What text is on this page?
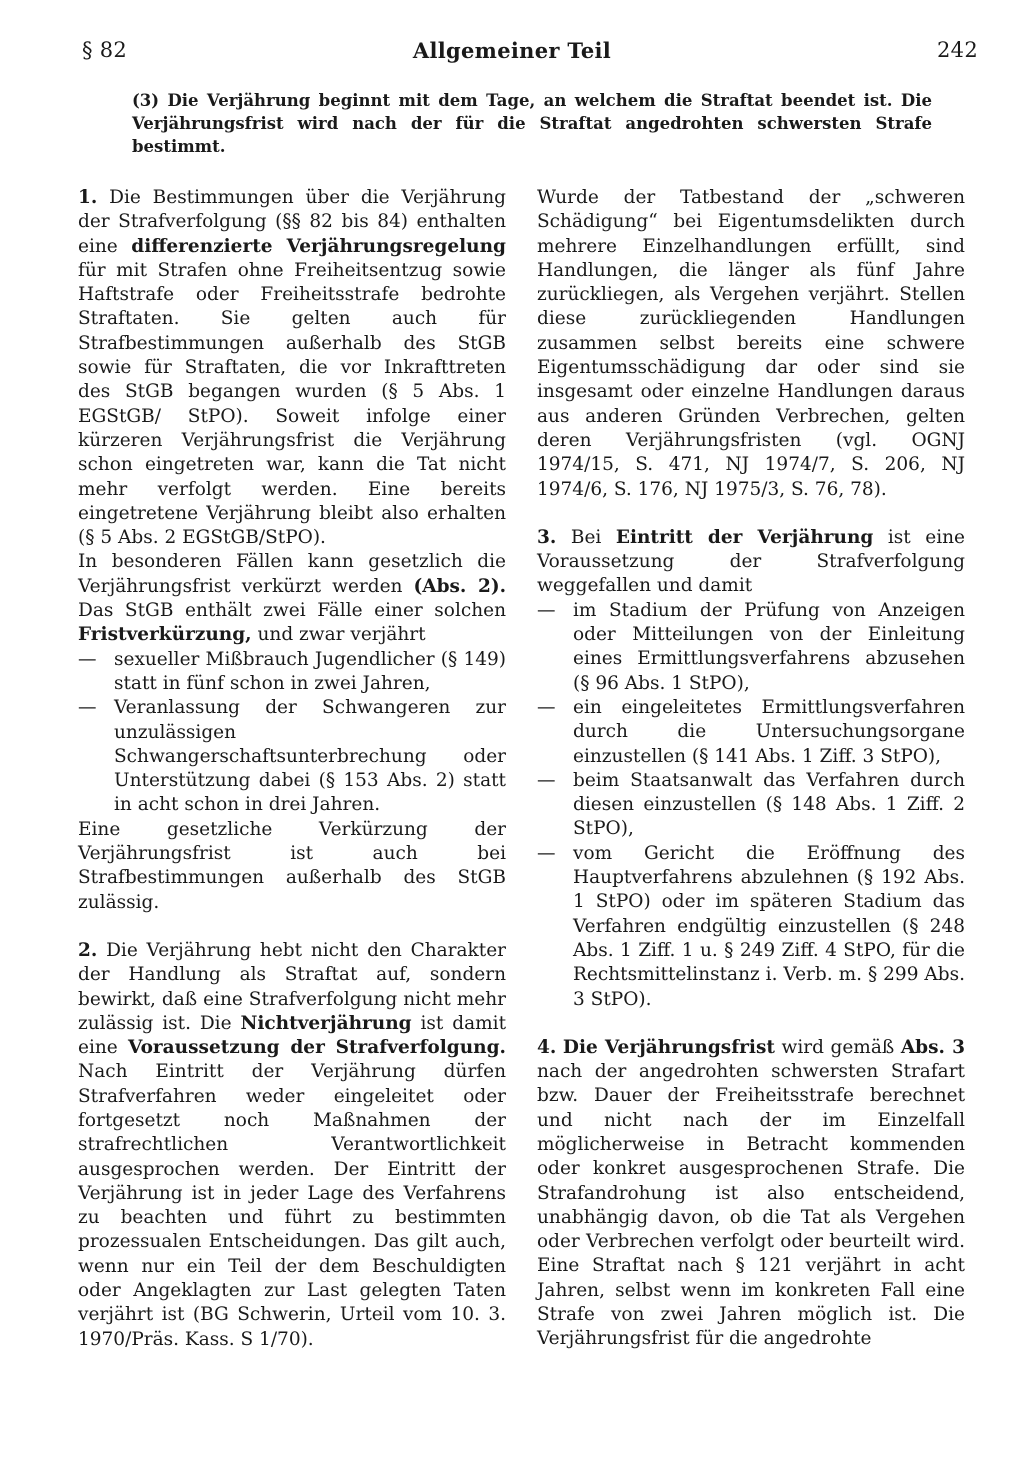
§ 82	Allgemeiner Teil	242
(3) Die Verjährung beginnt mit dem Tage, an welchem die Straftat beendet ist. Die Verjährungsfrist wird nach der für die Straftat angedrohten schwersten Strafe bestimmt.

1. Die Bestimmungen über die Verjährung der Strafverfolgung (§§ 82 bis 84) enthalten eine differenzierte Verjährungsregelung für mit Strafen ohne Freiheitsentzug sowie Haftstrafe oder Freiheitsstrafe bedrohte Straftaten. Sie gelten auch für Strafbestimmungen außerhalb des StGB sowie für Straftaten, die vor Inkrafttreten des StGB begangen wurden (§ 5 Abs. 1 EGStGB/ StPO). Soweit infolge einer kürzeren Verjährungsfrist die Verjährung schon eingetreten war, kann die Tat nicht mehr verfolgt werden. Eine bereits eingetretene Verjährung bleibt also erhalten (§ 5 Abs. 2 EGStGB/StPO).

In besonderen Fällen kann gesetzlich die Verjährungsfrist verkürzt werden (Abs. 2). Das StGB enthält zwei Fälle einer solchen Fristverkürzung, und zwar verjährt

— sexueller Mißbrauch Jugendlicher (§ 149) statt in fünf schon in zwei Jahren,
— Veranlassung der Schwangeren zur unzulässigen Schwangerschaftsunterbrechung oder Unterstützung dabei (§ 153 Abs. 2) statt in acht schon in drei Jahren.

Eine gesetzliche Verkürzung der Verjährungsfrist ist auch bei Strafbestimmungen außerhalb des StGB zulässig.

2. Die Verjährung hebt nicht den Charakter der Handlung als Straftat auf, sondern bewirkt, daß eine Strafverfolgung nicht mehr zulässig ist. Die Nichtverjährung ist damit eine Voraussetzung der Strafverfolgung. Nach Eintritt der Verjährung dürfen Strafverfahren weder eingeleitet oder fortgesetzt noch Maßnahmen der strafrechtlichen Verantwortlichkeit ausgesprochen werden. Der Eintritt der Verjährung ist in jeder Lage des Verfahrens zu beachten und führt zu bestimmten prozessualen Entscheidungen. Das gilt auch, wenn nur ein Teil der dem Beschuldigten oder Angeklagten zur Last gelegten Taten verjährt ist (BG Schwerin, Urteil vom 10. 3. 1970/Präs. Kass. S 1/70).

Wurde der Tatbestand der „schweren Schädigung“ bei Eigentumsdelikten durch mehrere Einzelhandlungen erfüllt, sind Handlungen, die länger als fünf Jahre zurückliegen, als Vergehen verjährt. Stellen diese zurückliegenden Handlungen zusammen selbst bereits eine schwere Eigentumsschädigung dar oder sind sie insgesamt oder einzelne Handlungen daraus aus anderen Gründen Verbrechen, gelten deren Verjährungsfristen (vgl. OGNJ 1974/15, S. 471, NJ 1974/7, S. 206, NJ 1974/6, S. 176, NJ 1975/3, S. 76, 78).

3. Bei Eintritt der Verjährung ist eine Voraussetzung der Strafverfolgung weggefallen und damit

— im Stadium der Prüfung von Anzeigen oder Mitteilungen von der Einleitung eines Ermittlungsverfahrens abzusehen (§ 96 Abs. 1 StPO),
— ein eingeleitetes Ermittlungsverfahren durch die Untersuchungsorgane einzustellen (§ 141 Abs. 1 Ziff. 3 StPO),
— beim Staatsanwalt das Verfahren durch diesen einzustellen (§ 148 Abs. 1 Ziff. 2 StPO),
— vom Gericht die Eröffnung des Hauptverfahrens abzulehnen (§ 192 Abs. 1 StPO) oder im späteren Stadium das Verfahren endgültig einzustellen (§ 248 Abs. 1 Ziff. 1 u. § 249 Ziff. 4 StPO, für die Rechtsmittelinstanz i. Verb. m. § 299 Abs. 3 StPO).

4. Die Verjährungsfrist wird gemäß Abs. 3 nach der angedrohten schwersten Strafart bzw. Dauer der Freiheitsstrafe berechnet und nicht nach der im Einzelfall möglicherweise in Betracht kommenden oder konkret ausgesprochenen Strafe. Die Strafandrohung ist also entscheidend, unabhängig davon, ob die Tat als Vergehen oder Verbrechen verfolgt oder beurteilt wird. Eine Straftat nach § 121 verjährt in acht Jahren, selbst wenn im konkreten Fall eine Strafe von zwei Jahren möglich ist. Die Verjährungsfrist für die angedrohte
